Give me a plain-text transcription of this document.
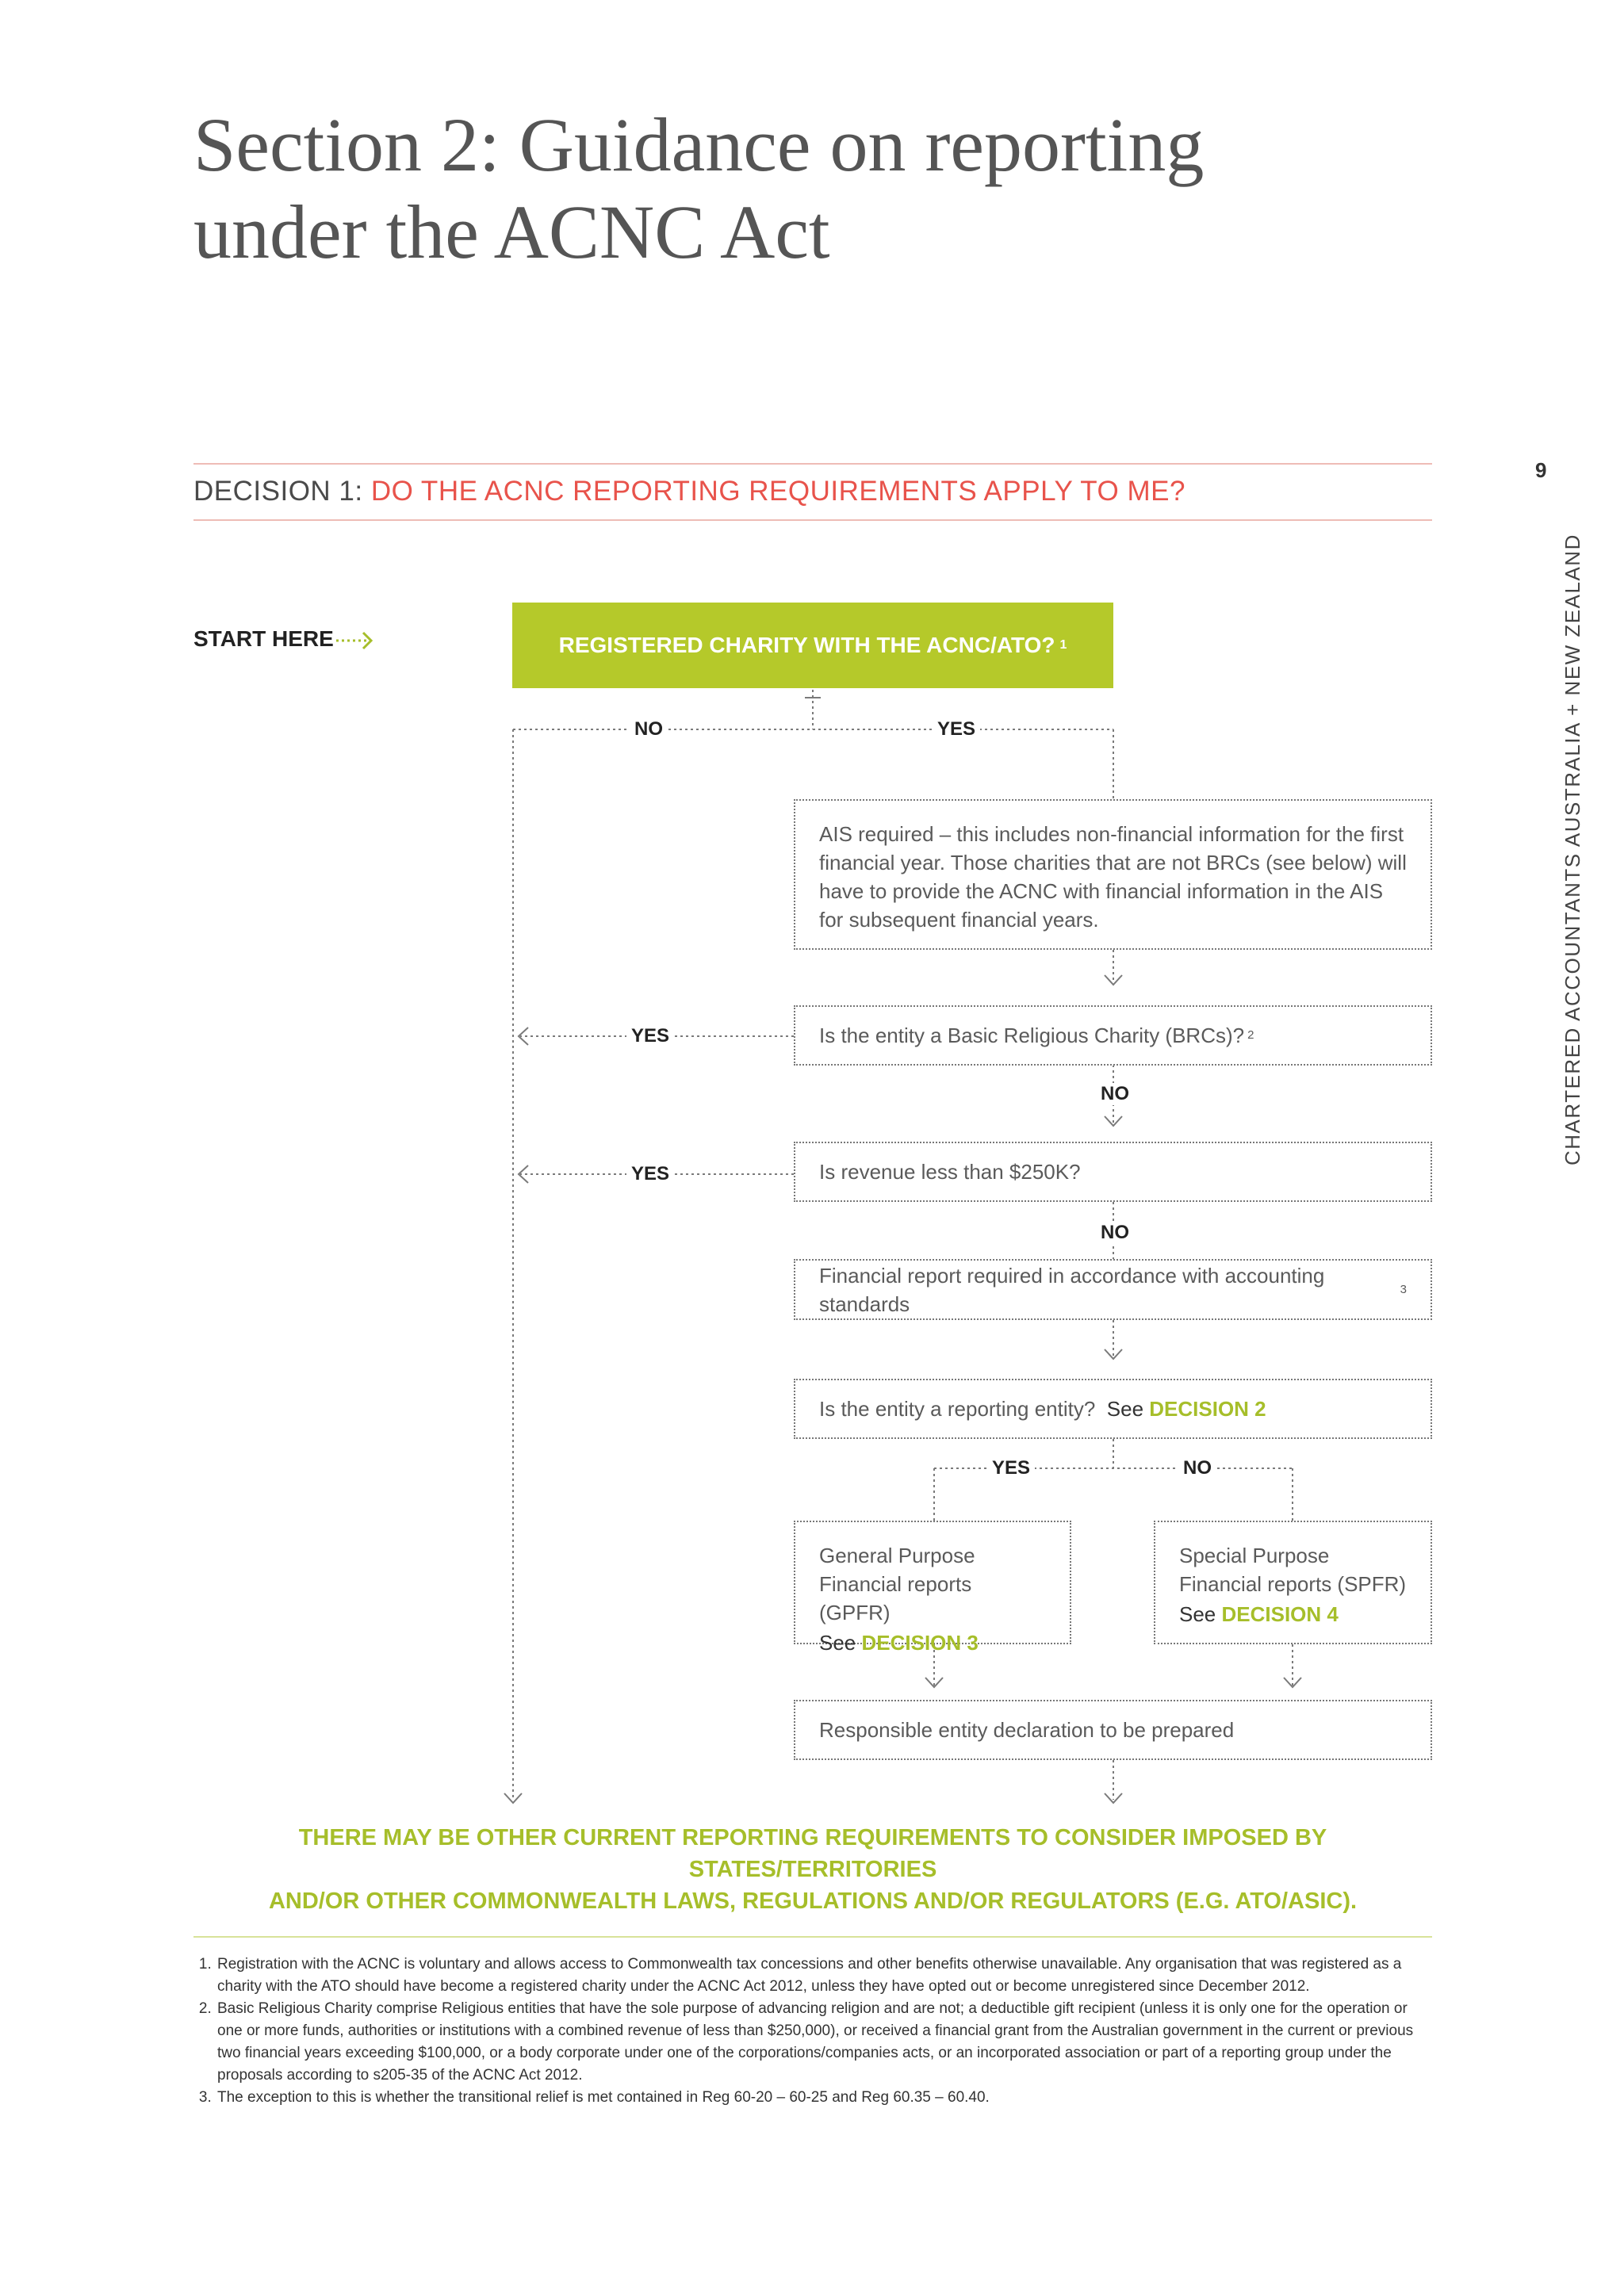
Section 2: Guidance on reporting
under the ACNC Act
DECISION 1: DO THE ACNC REPORTING REQUIREMENTS APPLY TO ME?
9
CHARTERED ACCOUNTANTS AUSTRALIA + NEW ZEALAND
START HERE	REGISTERED CHARITY WITH THE ACNC/ATO? 1
NO	YES
YES
NO
YES
NO
YES	NO
AIS required – this includes non-financial information for the first financial year. Those charities that are not BRCs (see below) will have to provide the ACNC with financial information in the AIS for subsequent financial years.
Is the entity a Basic Religious Charity (BRCs)? 2
Is revenue less than $250K?
Financial report required in accordance with accounting standards
3
Is the entity a reporting entity?
See
DECISION 2
General Purpose Financial reports (GPFR)
See DECISION 3
Special Purpose Financial reports (SPFR)
See DECISION 4
Responsible entity declaration to be prepared
THERE MAY BE OTHER CURRENT REPORTING REQUIREMENTS TO CONSIDER IMPOSED BY STATES/TERRITORIES
AND/OR OTHER COMMONWEALTH LAWS, REGULATIONS AND/OR REGULATORS (E.G. ATO/ASIC).
1. Registration with the ACNC is voluntary and allows access to Commonwealth tax concessions and other benefits otherwise unavailable. Any organisation that was registered as a charity with the ATO should have become a registered charity under the ACNC Act 2012, unless they have opted out or become unregistered since December 2012.
2. Basic Religious Charity comprise Religious entities that have the sole purpose of advancing religion and are not; a deductible gift recipient (unless it is only one for the operation or one or more funds, authorities or institutions with a combined revenue of less than $250,000), or received a financial grant from the Australian government in the current or previous two financial years exceeding $100,000, or a body corporate under one of the corporations/companies acts, or an incorporated association or part of a reporting group under the proposals according to s205-35 of the ACNC Act 2012.
3. The exception to this is whether the transitional relief is met contained in Reg 60-20 – 60-25 and Reg 60.35 – 60.40.
